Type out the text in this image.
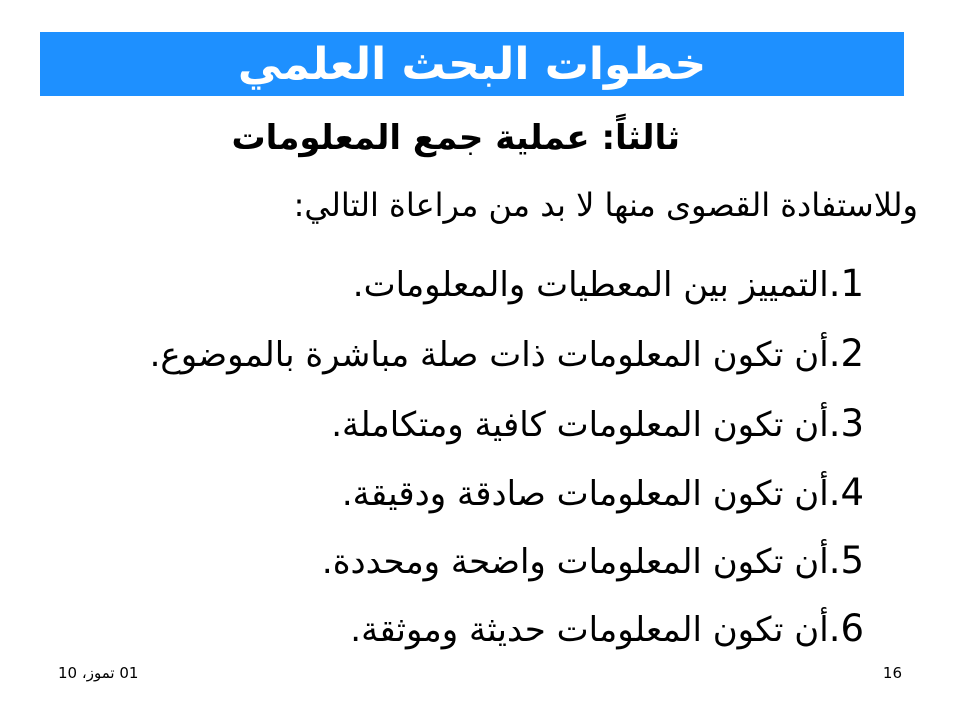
خطوات البحث العلمي
ثالثاً: عملية جمع المعلومات
وللاستفادة القصوى منها لا بد من مراعاة التالي:
1.
التمييز بين المعطيات والمعلومات.
2.
أن تكون المعلومات ذات صلة مباشرة بالموضوع.
3.
أن تكون المعلومات كافية ومتكاملة.
4.
أن تكون المعلومات صادقة ودقيقة.
5.
أن تكون المعلومات واضحة ومحددة.
6.
أن تكون المعلومات حديثة وموثقة.
01 تموز، 10	16
